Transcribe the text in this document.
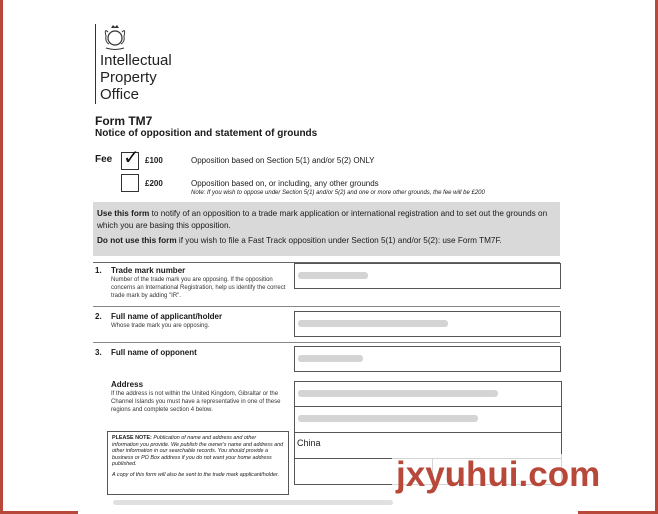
Intellectual
Property
Office
Form TM7
Notice of opposition and statement of grounds
Fee ✓ £100	Opposition based on Section 5(1) and/or 5(2) ONLY
£200	Opposition based on, or including, any other grounds
Note: If you wish to oppose under Section 5(1) and/or 5(2) and one or more other grounds, the fee will be £200

Use this form to notify of an opposition to a trade mark application or international registration and to set out the grounds on which you are basing this opposition.

Do not use this form if you wish to file a Fast Track opposition under Section 5(1) and/or 5(2): use Form TM7F.

1. Trade mark number
Number of the trade mark you are opposing. If the opposition concerns an International Registration, help us identify the correct trade mark by adding "IR".
2. Full name of applicant/holder
Whose trade mark you are opposing.
3. Full name of opponent
Address
If the address is not within the United Kingdom, Gibraltar or the Channel Islands you must have a representative in one of these regions and complete section 4 below.
China
PLEASE NOTE: Publication of name and address and other information you provide. We publish the owner's name and address and other information in our searchable records. You should provide a business or PO Box address if you do not want your home address published.
A copy of this form will also be sent to the trade mark applicant/holder.	jxyuhui.com
